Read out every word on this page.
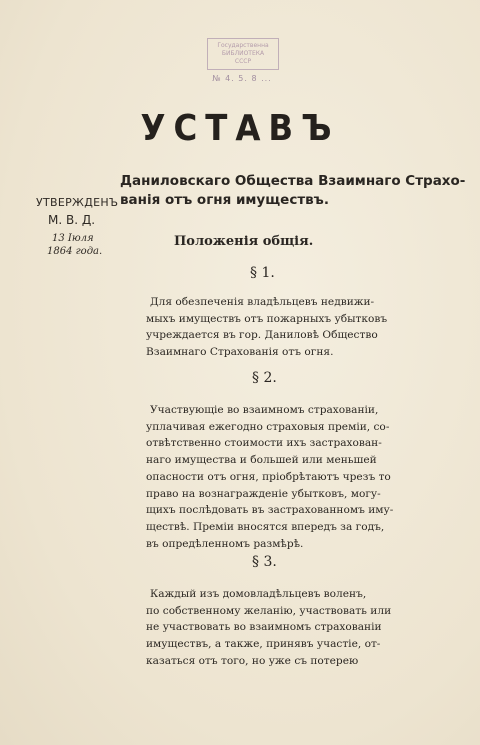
Государственна
БИБЛИОТЕКА
СССР
№ 4. 5. 8 ...
УСТАВЪ
Даниловскаго Общества Взаимнаго Страхо-
ванія отъ огня имуществъ.
УТВЕРЖДЕНЪ
М. В. Д.
13 Іюля
1864 года.
Положенія общія.
§ 1.
Для обезпеченія владѣльцевъ недвижи-
мыхъ имуществъ отъ пожарныхъ убытковъ
учреждается въ гор. Даниловѣ Общество
Взаимнаго Страхованія отъ огня.
§ 2.
Участвующіе во взаимномъ страхованіи,
уплачивая ежегодно страховыя преміи, со-
отвѣтственно стоимости ихъ застрахован-
наго имущества и большей или меньшей
опасности отъ огня, пріобрѣтаютъ чрезъ то
право на вознагражденіе убытковъ, могу-
щихъ послѣдовать въ застрахованномъ иму-
ществѣ. Преміи вносятся впередъ за годъ,
въ опредѣленномъ размѣрѣ.
§ 3.
Каждый изъ домовладѣльцевъ воленъ,
по собственному желанію, участвовать или
не участвовать во взаимномъ страхованіи
имуществъ, а также, принявъ участіе, от-
казаться отъ того, но уже съ потерею
